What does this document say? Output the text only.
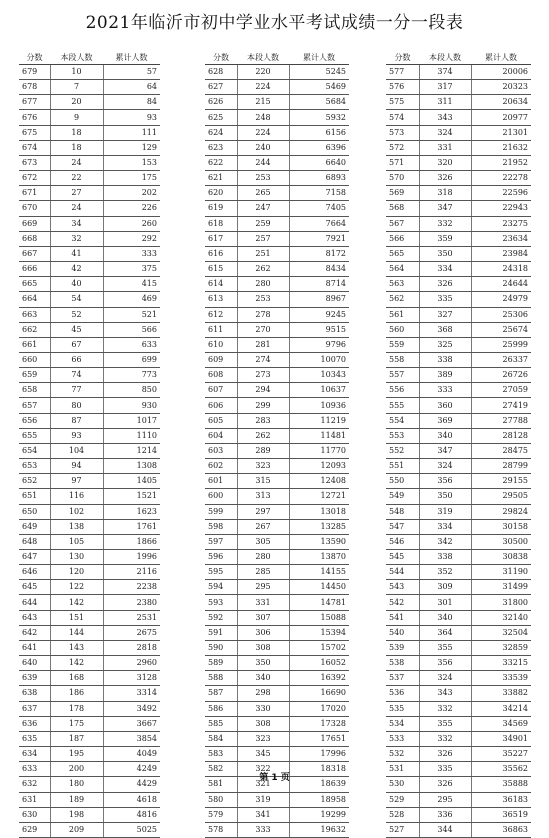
2021年临沂市初中学业水平考试成绩一分一段表
分数	本段人数	累计人数
679	10	57
678	7	64
677	20	84
676	9	93
675	18	111
674	18	129
673	24	153
672	22	175
671	27	202
670	24	226
669	34	260
668	32	292
667	41	333
666	42	375
665	40	415
664	54	469
663	52	521
662	45	566
661	67	633
660	66	699
659	74	773
658	77	850
657	80	930
656	87	1017
655	93	1110
654	104	1214
653	94	1308
652	97	1405
651	116	1521
650	102	1623
649	138	1761
648	105	1866
647	130	1996
646	120	2116
645	122	2238
644	142	2380
643	151	2531
642	144	2675
641	143	2818
640	142	2960
639	168	3128
638	186	3314
637	178	3492
636	175	3667
635	187	3854
634	195	4049
633	200	4249
632	180	4429
631	189	4618
630	198	4816
629	209	5025
分数	本段人数	累计人数
628	220	5245
627	224	5469
626	215	5684
625	248	5932
624	224	6156
623	240	6396
622	244	6640
621	253	6893
620	265	7158
619	247	7405
618	259	7664
617	257	7921
616	251	8172
615	262	8434
614	280	8714
613	253	8967
612	278	9245
611	270	9515
610	281	9796
609	274	10070
608	273	10343
607	294	10637
606	299	10936
605	283	11219
604	262	11481
603	289	11770
602	323	12093
601	315	12408
600	313	12721
599	297	13018
598	267	13285
597	305	13590
596	280	13870
595	285	14155
594	295	14450
593	331	14781
592	307	15088
591	306	15394
590	308	15702
589	350	16052
588	340	16392
587	298	16690
586	330	17020
585	308	17328
584	323	17651
583	345	17996
582	322	18318
581	321	18639
580	319	18958
579	341	19299
578	333	19632
分数	本段人数	累计人数
577	374	20006
576	317	20323
575	311	20634
574	343	20977
573	324	21301
572	331	21632
571	320	21952
570	326	22278
569	318	22596
568	347	22943
567	332	23275
566	359	23634
565	350	23984
564	334	24318
563	326	24644
562	335	24979
561	327	25306
560	368	25674
559	325	25999
558	338	26337
557	389	26726
556	333	27059
555	360	27419
554	369	27788
553	340	28128
552	347	28475
551	324	28799
550	356	29155
549	350	29505
548	319	29824
547	334	30158
546	342	30500
545	338	30838
544	352	31190
543	309	31499
542	301	31800
541	340	32140
540	364	32504
539	355	32859
538	356	33215
537	324	33539
536	343	33882
535	332	34214
534	355	34569
533	332	34901
532	326	35227
531	335	35562
530	326	35888
529	295	36183
528	336	36519
527	344	36863
第 1 页
